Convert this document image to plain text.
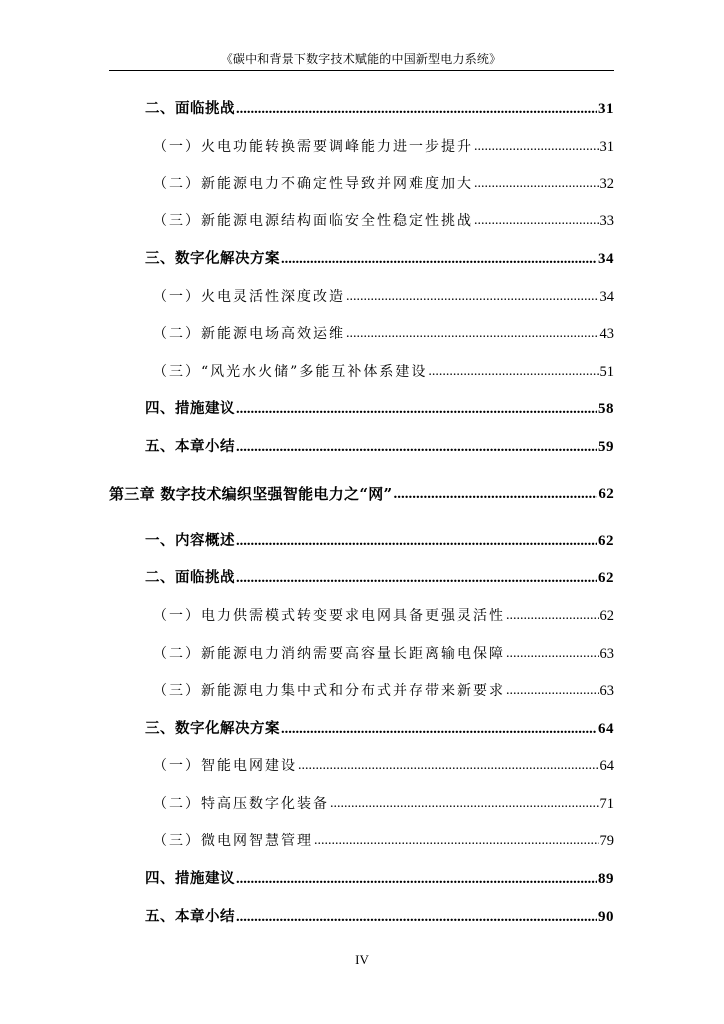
《碳中和背景下数字技术赋能的中国新型电力系统》
二、面临挑战 .....	31
（一）火电功能转换需要调峰能力进一步提升 .....	31
（二）新能源电力不确定性导致并网难度加大 .....	32
（三）新能源电源结构面临安全性稳定性挑战 .....	33
三、数字化解决方案 .....	34
（一）火电灵活性深度改造 .....	34
（二）新能源电场高效运维 .....	43
（三）“风光水火储”多能互补体系建设 .....	51
四、措施建议 .....	58
五、本章小结 .....	59
第三章 数字技术编织坚强智能电力之“网” .....	62
一、内容概述 .....	62
二、面临挑战 .....	62
（一）电力供需模式转变要求电网具备更强灵活性 .....	62
（二）新能源电力消纳需要高容量长距离输电保障 .....	63
（三）新能源电力集中式和分布式并存带来新要求 .....	63
三、数字化解决方案 .....	64
（一）智能电网建设 .....	64
（二）特高压数字化装备 .....	71
（三）微电网智慧管理 .....	79
四、措施建议 .....	89
五、本章小结 .....	90
IV
